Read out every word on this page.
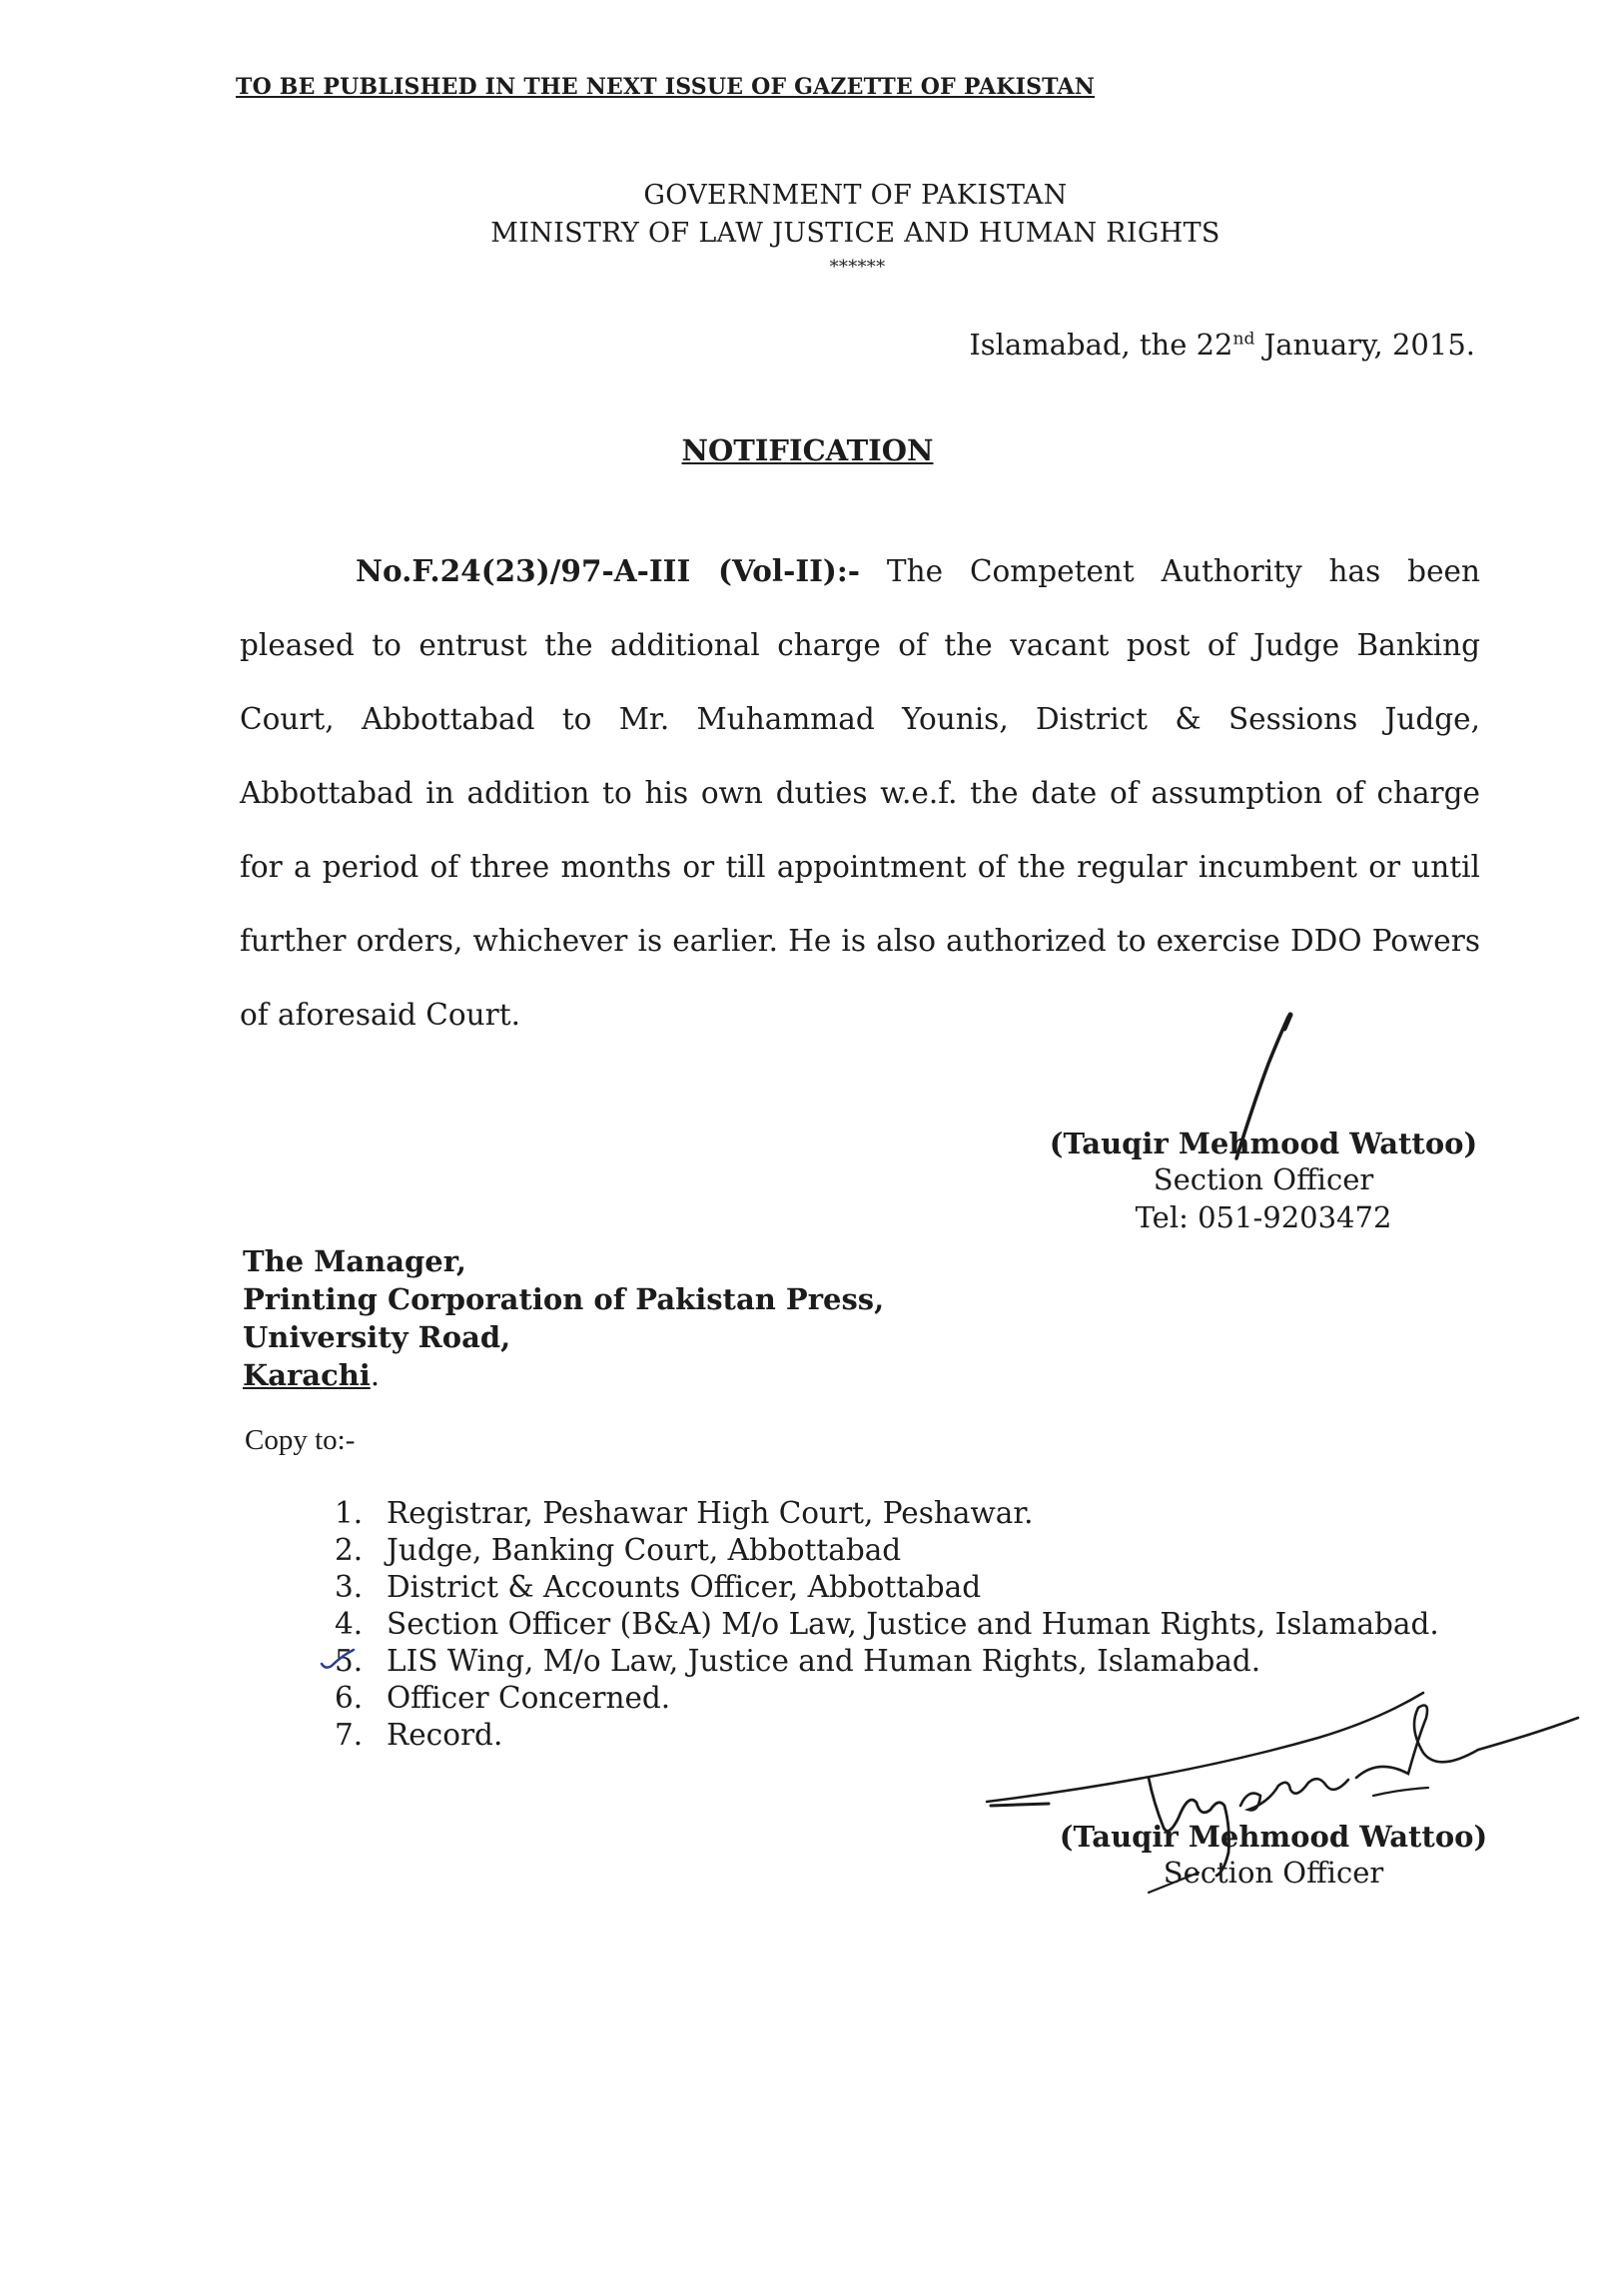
TO BE PUBLISHED IN THE NEXT ISSUE OF GAZETTE OF PAKISTAN
GOVERNMENT OF PAKISTAN
MINISTRY OF LAW JUSTICE AND HUMAN RIGHTS
******
Islamabad, the 22nd January, 2015.
NOTIFICATION

No.F.24(23)/97-A-III (Vol-II):- The Competent Authority has been pleased to entrust the additional charge of the vacant post of Judge Banking Court, Abbottabad to Mr. Muhammad Younis, District & Sessions Judge, Abbottabad in addition to his own duties w.e.f. the date of assumption of charge for a period of three months or till appointment of the regular incumbent or until further orders, whichever is earlier. He is also authorized to exercise DDO Powers of aforesaid Court.

(Tauqir Mehmood Wattoo)
Section Officer
Tel: 051-9203472
The Manager,
Printing Corporation of Pakistan Press,
University Road,
Karachi.
Copy to:-
1. Registrar, Peshawar High Court, Peshawar.
2. Judge, Banking Court, Abbottabad
3. District & Accounts Officer, Abbottabad
4. Section Officer (B&A) M/o Law, Justice and Human Rights, Islamabad.
5. LIS Wing, M/o Law, Justice and Human Rights, Islamabad.
6. Officer Concerned.
7. Record.
(Tauqir Mehmood Wattoo)
Section Officer
